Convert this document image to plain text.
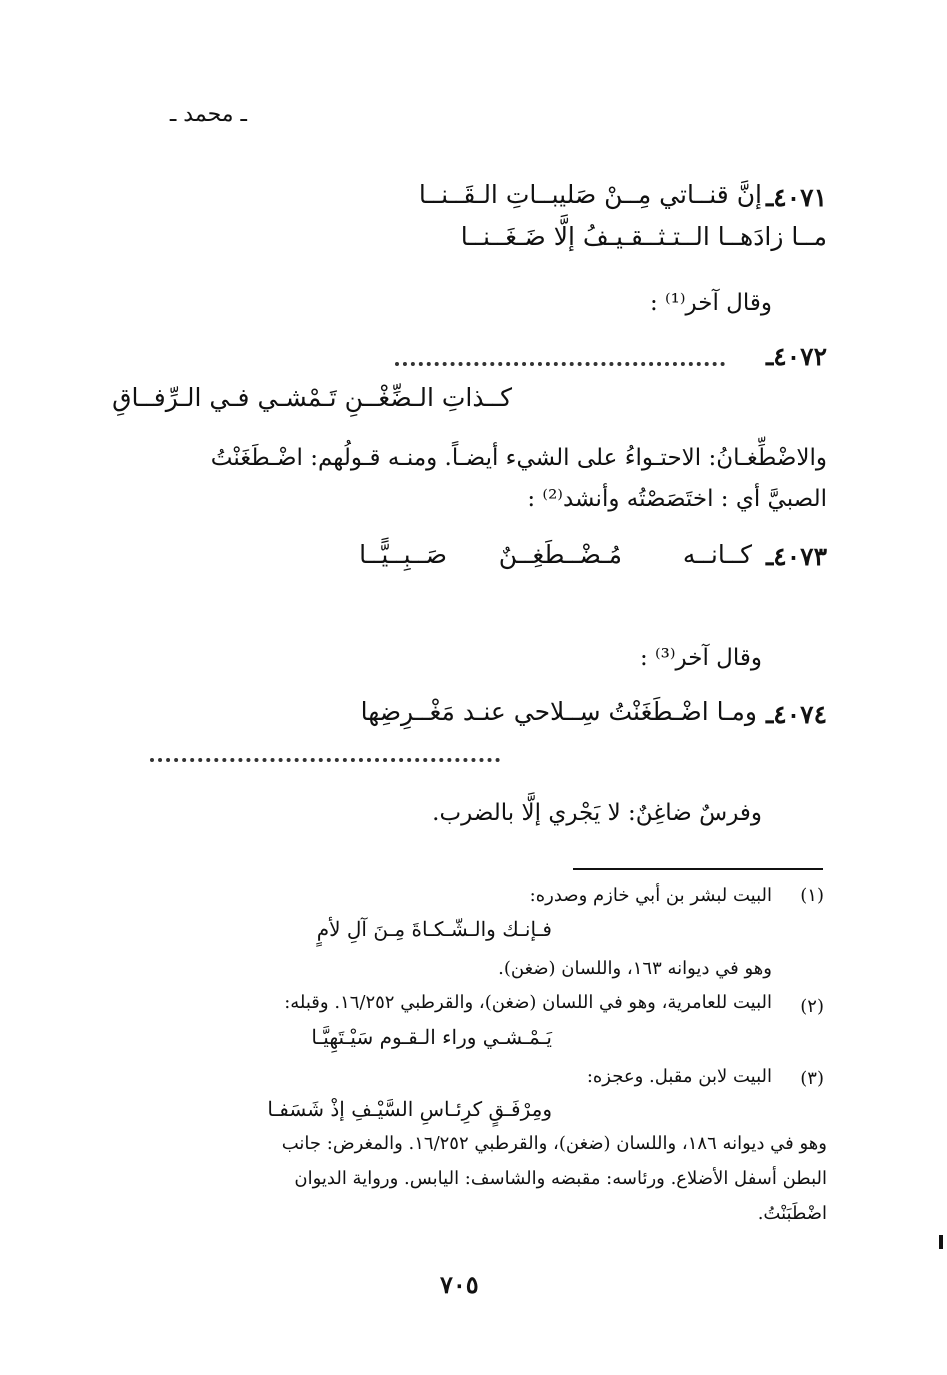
ـ محمد ـ
٤٠٧١ـ
إنَّ قنــاتي مِــنْ صَليبــاتِ الـقَــنــا
مــا زادَهــا الــتـثــقـيـفُ إلَّا ضَـغَــنــا
وقال آخر⁽¹⁾ :
٤٠٧٢ـ
كــذاتِ الـضِّغْــنِ تَـمْشـي فـي الـرِّفــاقِ
والاضْطِّغـانُ: الاحتـواءُ على الشيء أيضـاً. ومنـه قـولُهم: اضْـطَغَنْتُ
الصبيَّ أي : اختَصَصْتُه وأنشد⁽²⁾ :
٤٠٧٣ـ
كــانــه
مُـضْــطَغِــنٌ
صَــبِــيًّــا
وقال آخر⁽³⁾ :
٤٠٧٤ـ
ومـا اضْـطَغَنْتُ سِــلاحي عنـد مَغْــرِضِها
وفرسٌ ضاغِنٌ: لا يَجْري إلَّا بالضرب.
(١)
البيت لبشر بن أبي خازم وصدره:
فـإنـك والـشّـكـاةَ مِـنَ آلِ لأمٍ
وهو في ديوانه ١٦٣، واللسان (ضغن).
(٢)
البيت للعامرية، وهو في اللسان (ضغن)، والقرطبي ١٦/٢٥٢. وقبله:
يَـمْـشـي وراء الـقـوم سَيْـتَهِيَّـا
(٣)
البيت لابن مقبل. وعجزه:
ومِرْفَـقٍ كرِئـاسِ السَّيْـفِ إذْ شَسَفـا
وهو في ديوانه ١٨٦، واللسان (ضغن)، والقرطبي ١٦/٢٥٢. والمغرض: جانب
البطن أسفل الأضلاع. ورئاسه: مقبضه والشاسف: اليابس. ورواية الديوان
اضْطَبَنْتُ.
٧٠٥
